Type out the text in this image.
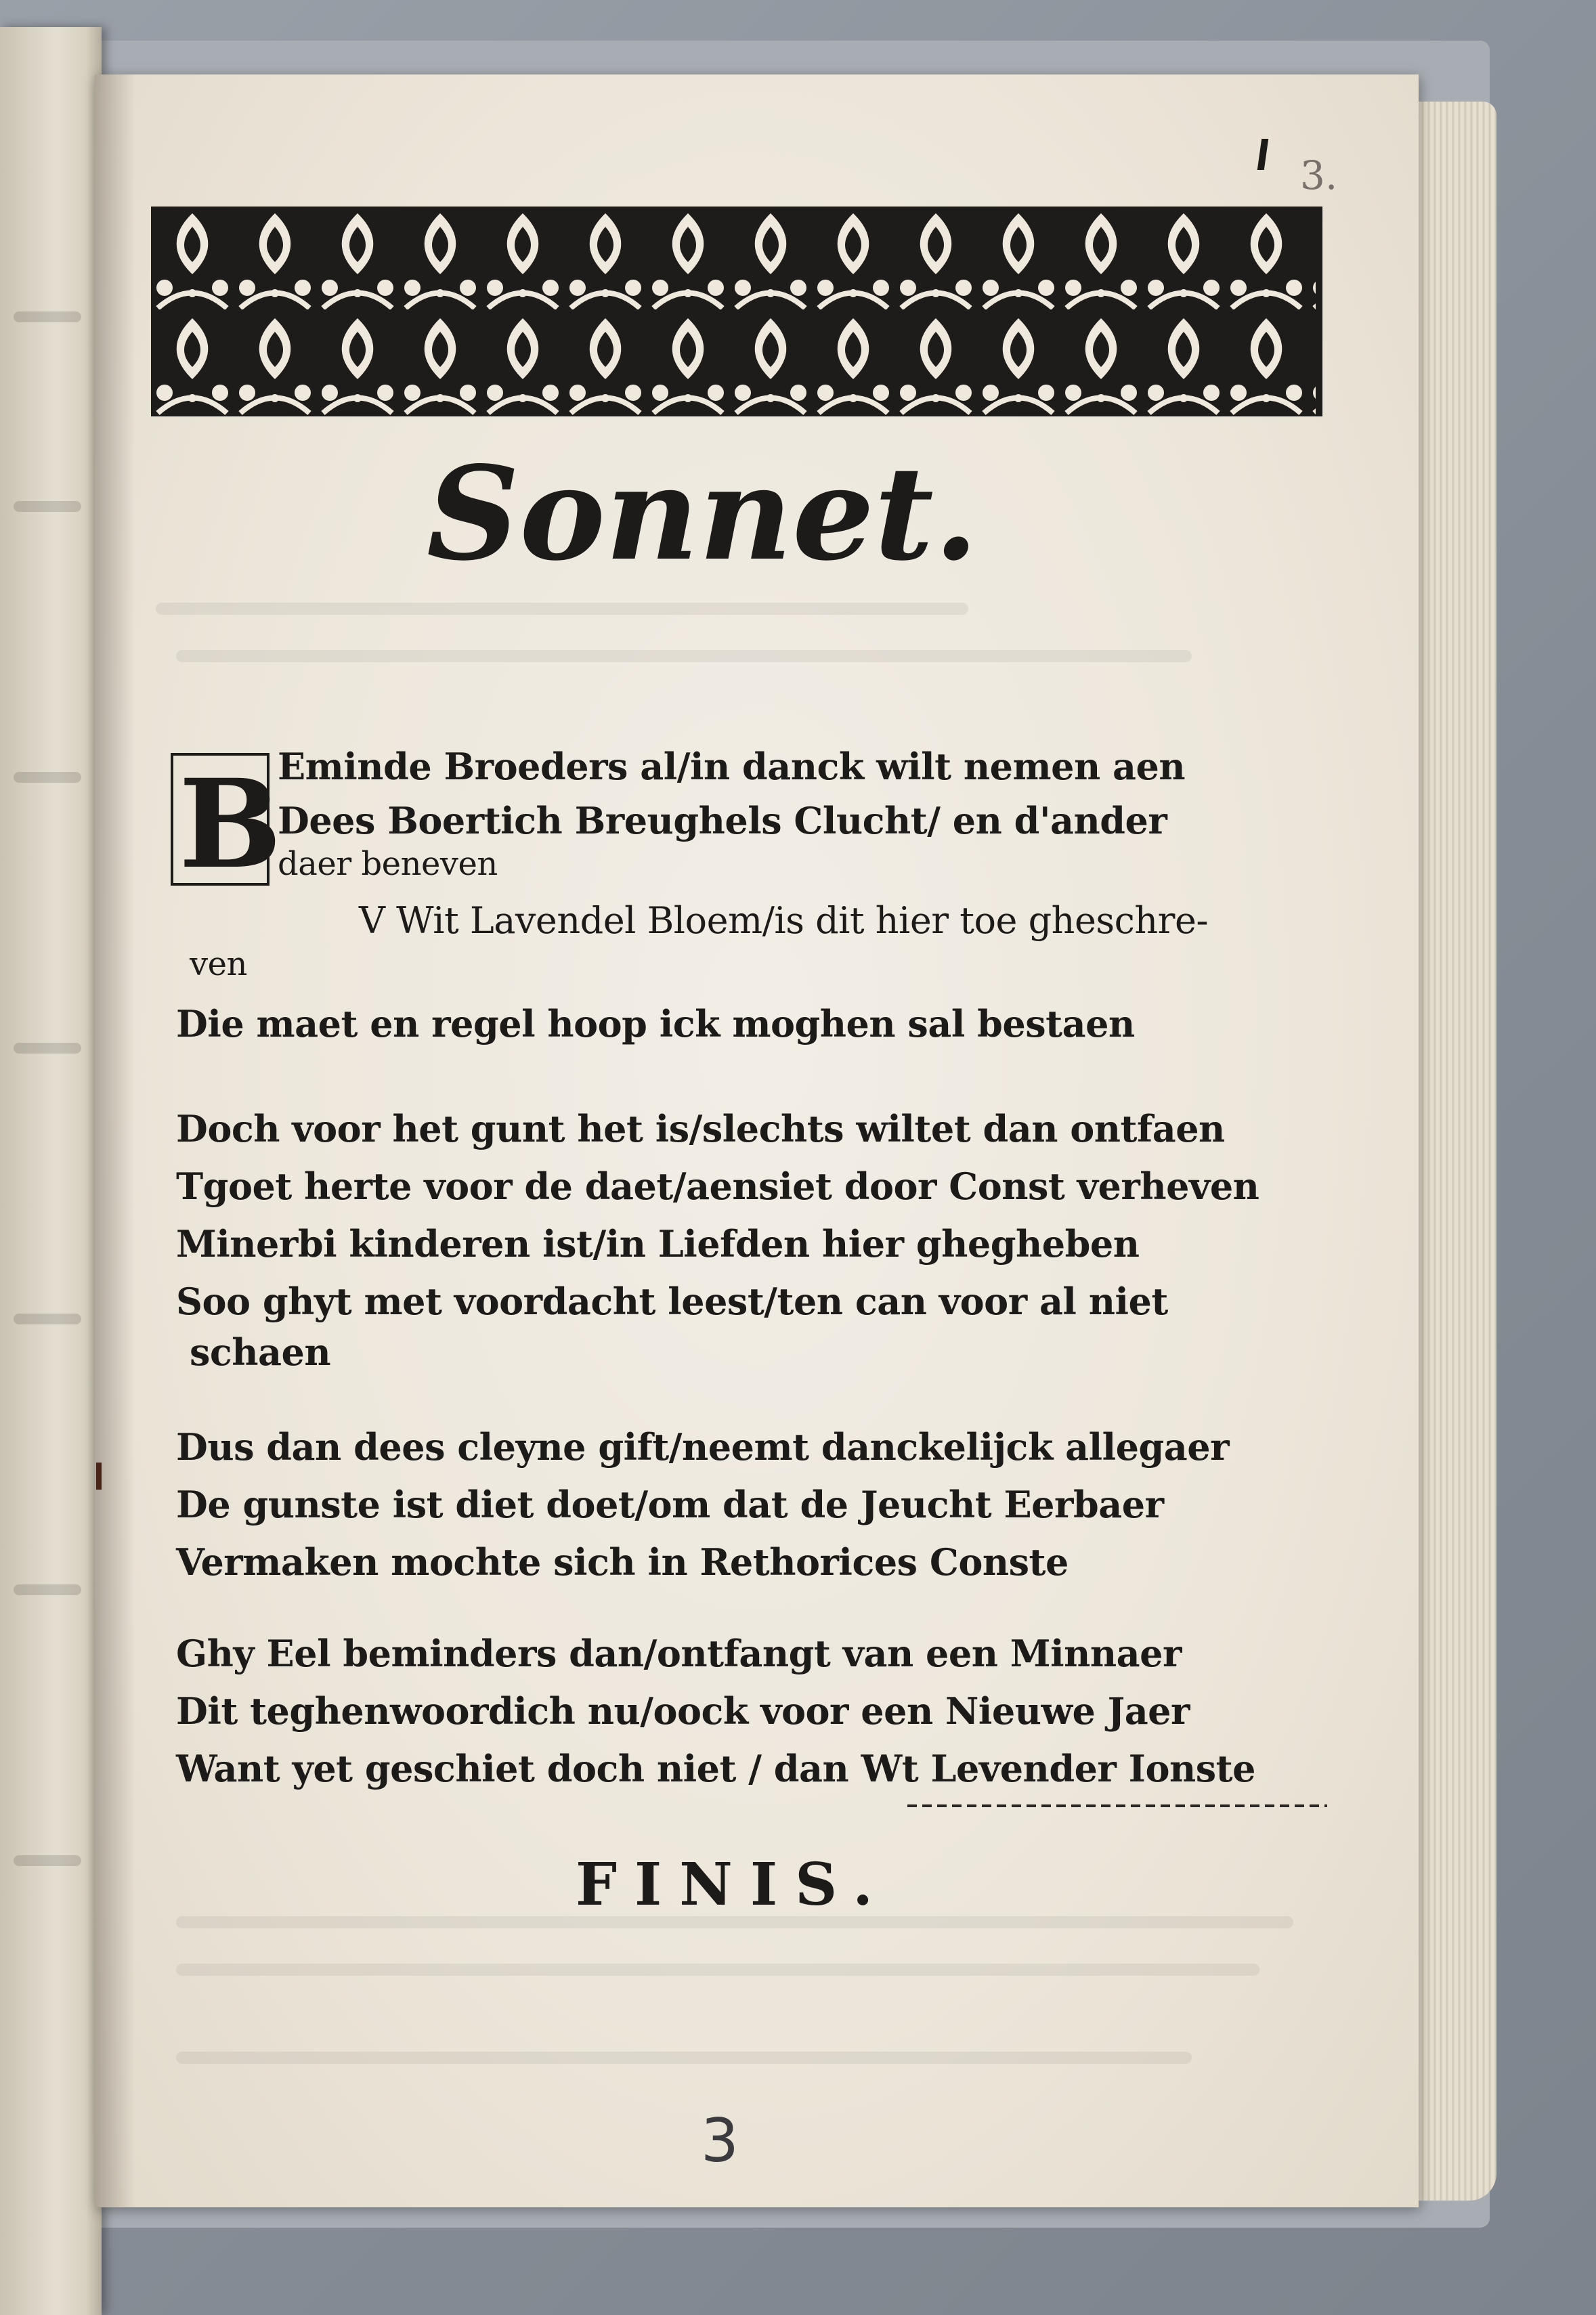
3.
Sonnet.
B
Eminde Broeders al/in danck wilt nemen aen
Dees Boertich Breughels Clucht/ en d'ander
daer beneven
V Wit Lavendel Bloem/is dit hier toe gheschre-
ven
Die maet en regel hoop ick moghen sal bestaen
Doch voor het gunt het is/slechts wiltet dan ontfaen
Tgoet herte voor de daet/aensiet door Const verheven
Minerbi kinderen ist/in Liefden hier ghegheben
Soo ghyt met voordacht leest/ten can voor al niet
schaen
Dus dan dees cleyne gift/neemt danckelijck allegaer
De gunste ist diet doet/om dat de Jeucht Eerbaer
Vermaken mochte sich in Rethorices Conste
Ghy Eel beminders dan/ontfangt van een Minnaer
Dit teghenwoordich nu/oock voor een Nieuwe Jaer
Want yet geschiet doch niet / dan Wt Levender Ionste
FINIS.
3
